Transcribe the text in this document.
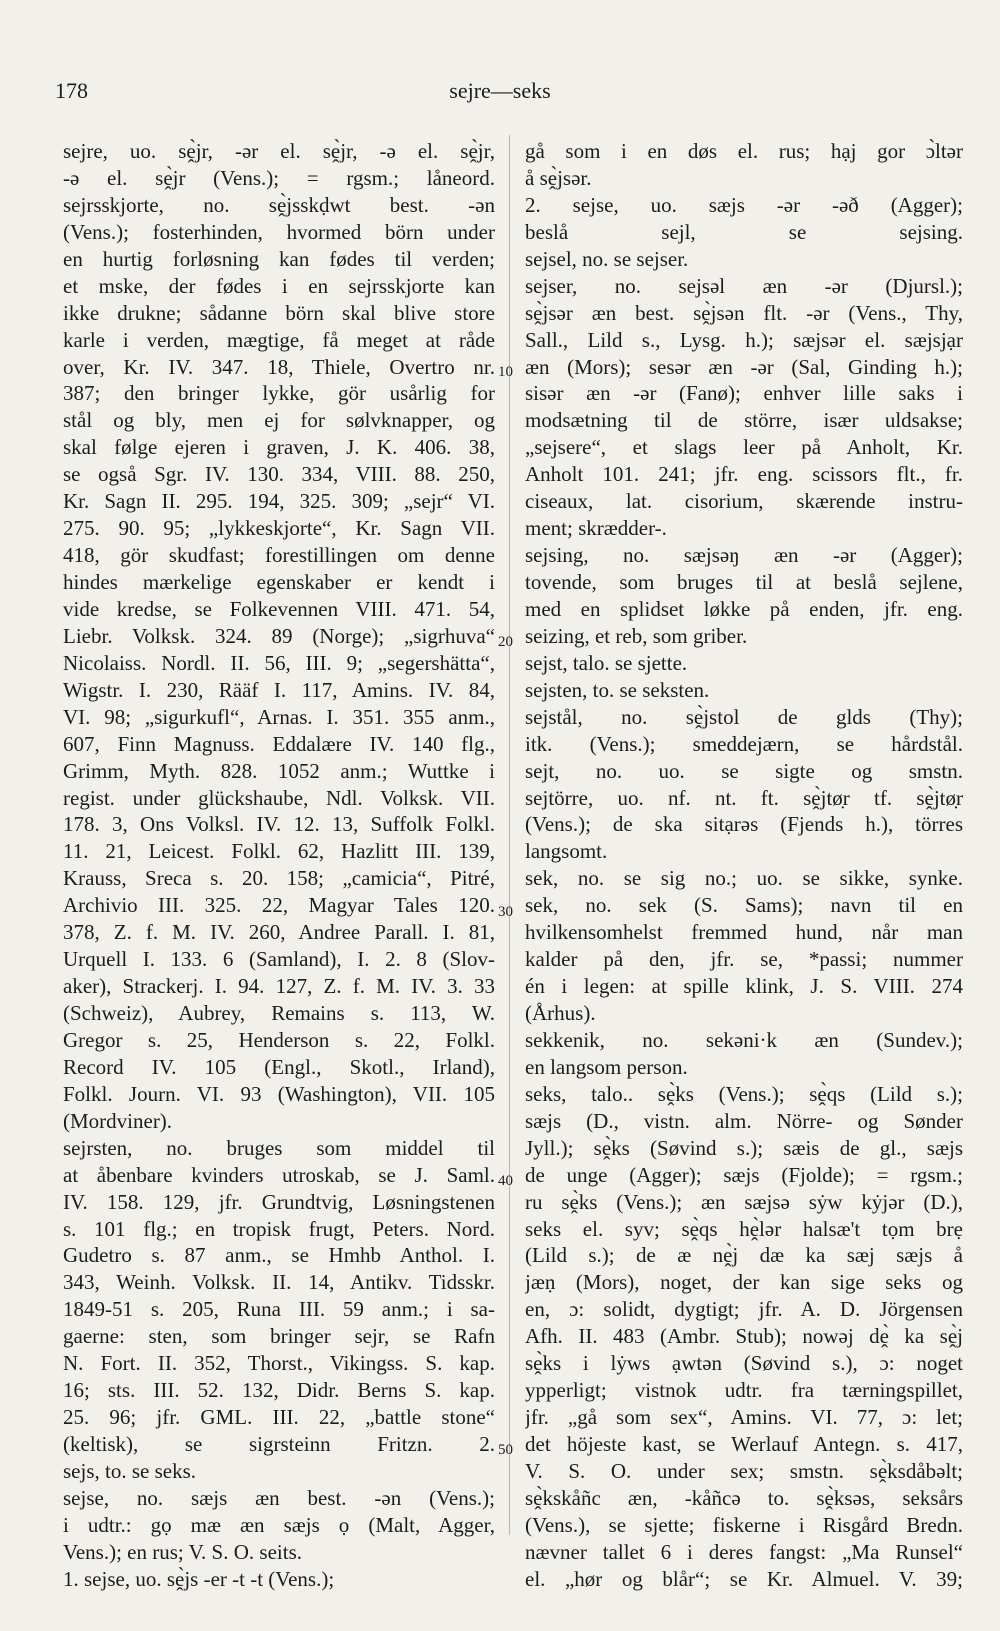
178	sejre—seks
10
20
30
40
50
sejre, uo. sḙ̀jr, -ər el. sḙ̀jr, -ə el. sḙ̀jr,
-ə el. sḙ̀jr (Vens.); = rgsm.; låneord.
sejrsskjorte, no. sḙ̀jsskḍwt best. -ən
(Vens.); fosterhinden, hvormed börn under
en hurtig forløsning kan fødes til verden;
et mske, der fødes i en sejrsskjorte kan
ikke drukne; sådanne börn skal blive store
karle i verden, mægtige, få meget at råde
over, Kr. IV. 347. 18, Thiele, Overtro nr.
387; den bringer lykke, gör usårlig for
stål og bly, men ej for sølvknapper, og
skal følge ejeren i graven, J. K. 406. 38,
se også Sgr. IV. 130. 334, VIII. 88. 250,
Kr. Sagn II. 295. 194, 325. 309; „sejr“ VI.
275. 90. 95; „lykkeskjorte“, Kr. Sagn VII.
418, gör skudfast; forestillingen om denne
hindes mærkelige egenskaber er kendt i
vide kredse, se Folkevennen VIII. 471. 54,
Liebr. Volksk. 324. 89 (Norge); „sigrhuva“
Nicolaiss. Nordl. II. 56, III. 9; „segershätta“,
Wigstr. I. 230, Rääf I. 117, Amins. IV. 84,
VI. 98; „sigurkufl“, Arnas. I. 351. 355 anm.,
607, Finn Magnuss. Eddalære IV. 140 flg.,
Grimm, Myth. 828. 1052 anm.; Wuttke i
regist. under glückshaube, Ndl. Volksk. VII.
178. 3, Ons Volksl. IV. 12. 13, Suffolk Folkl.
11. 21, Leicest. Folkl. 62, Hazlitt III. 139,
Krauss, Sreca s. 20. 158; „camicia“, Pitré,
Archivio III. 325. 22, Magyar Tales 120.
378, Z. f. M. IV. 260, Andree Parall. I. 81,
Urquell I. 133. 6 (Samland), I. 2. 8 (Slov-
aker), Strackerj. I. 94. 127, Z. f. M. IV. 3. 33
(Schweiz), Aubrey, Remains s. 113, W.
Gregor s. 25, Henderson s. 22, Folkl.
Record IV. 105 (Engl., Skotl., Irland),
Folkl. Journ. VI. 93 (Washington), VII. 105
(Mordviner).
sejrsten, no. bruges som middel til
at åbenbare kvinders utroskab, se J. Saml.
IV. 158. 129, jfr. Grundtvig, Løsningstenen
s. 101 flg.; en tropisk frugt, Peters. Nord.
Gudetro s. 87 anm., se Hmhb Anthol. I.
343, Weinh. Volksk. II. 14, Antikv. Tidsskr.
1849-51 s. 205, Runa III. 59 anm.; i sa-
gaerne: sten, som bringer sejr, se Rafn
N. Fort. II. 352, Thorst., Vikingss. S. kap.
16; sts. III. 52. 132, Didr. Berns S. kap.
25. 96; jfr. GML. III. 22, „battle stone“
(keltisk), se sigrsteinn Fritzn. 2.
sejs, to. se seks.
sejse, no. sæjs æn best. -ən (Vens.);
i udtr.: gọ mæ æn sæjs ọ (Malt, Agger,
Vens.); en rus; V. S. O. seits.
1. sejse, uo. sḙ̀js -er -t -t (Vens.);
gå som i en døs el. rus; hạj gor ɔ̀ltər
å sḙ̀jsər.
2. sejse, uo. sæjs -ər -əð (Agger);
beslå sejl, se sejsing.
sejsel, no. se sejser.
sejser, no. sejsəl æn -ər (Djursl.);
sḙ̀jsər æn best. sḙ̀jsən flt. -ər (Vens., Thy,
Sall., Lild s., Lysg. h.); sæjsər el. sæjsjạr
æn (Mors); sesər æn -ər (Sal, Ginding h.);
sisər æn -ər (Fanø); enhver lille saks i
modsætning til de större, især uldsakse;
„sejsere“, et slags leer på Anholt, Kr.
Anholt 101. 241; jfr. eng. scissors flt., fr.
ciseaux, lat. cisorium, skærende instru-
ment; skrædder-.
sejsing, no. sæjsəŋ æn -ər (Agger);
tovende, som bruges til at beslå sejlene,
med en splidset løkke på enden, jfr. eng.
seizing, et reb, som griber.
sejst, talo. se sjette.
sejsten, to. se seksten.
sejstål, no. sḙ̀jstol de glds (Thy);
itk. (Vens.); smeddejærn, se hårdstål.
sejt, no. uo. se sigte og smstn.
sejtörre, uo. nf. nt. ft. sḙ̀jtø̣r tf. sḙ̀jtø̣r
(Vens.); de ska sitạrəs (Fjends h.), törres
langsomt.
sek, no. se sig no.; uo. se sikke, synke.
sek, no. sek (S. Sams); navn til en
hvilkensomhelst fremmed hund, når man
kalder på den, jfr. se, *passi; nummer
én i legen: at spille klink, J. S. VIII. 274
(Århus).
sekkenik, no. sekəni·k æn (Sundev.);
en langsom person.
seks, talo.. sḙ̀ks (Vens.); sḙ̀qs (Lild s.);
sæjs (D., vistn. alm. Nörre- og Sønder
Jyll.); sḙ̀ks (Søvind s.); sæis de gl., sæjs
de unge (Agger); sæjs (Fjolde); = rgsm.;
ru sḙ̀ks (Vens.); æn sæjsə sẏw kẏjər (D.),
seks el. syv; sḙ̀qs hḙ̀lər halsæ't tọm brẹ
(Lild s.); de æ nḙ̀j dæ ka sæj sæjs å
jæṇ (Mors), noget, der kan sige seks og
en, ɔ: solidt, dygtigt; jfr. A. D. Jörgensen
Afh. II. 483 (Ambr. Stub); nowəj dḙ̀ ka sḙ̀j
sḙ̀ks i lẏws ạwtən (Søvind s.), ɔ: noget
ypperligt; vistnok udtr. fra tærningspillet,
jfr. „gå som sex“, Amins. VI. 77, ɔ: let;
det höjeste kast, se Werlauf Antegn. s. 417,
V. S. O. under sex; smstn. sḙ̀ksdåbəlt;
sḙ̀kskåñc æn, -kåñcə to. sḙ̀ksəs, seksårs
(Vens.), se sjette; fiskerne i Risgård Bredn.
nævner tallet 6 i deres fangst: „Ma Runsel“
el. „hør og blår“; se Kr. Almuel. V. 39;
